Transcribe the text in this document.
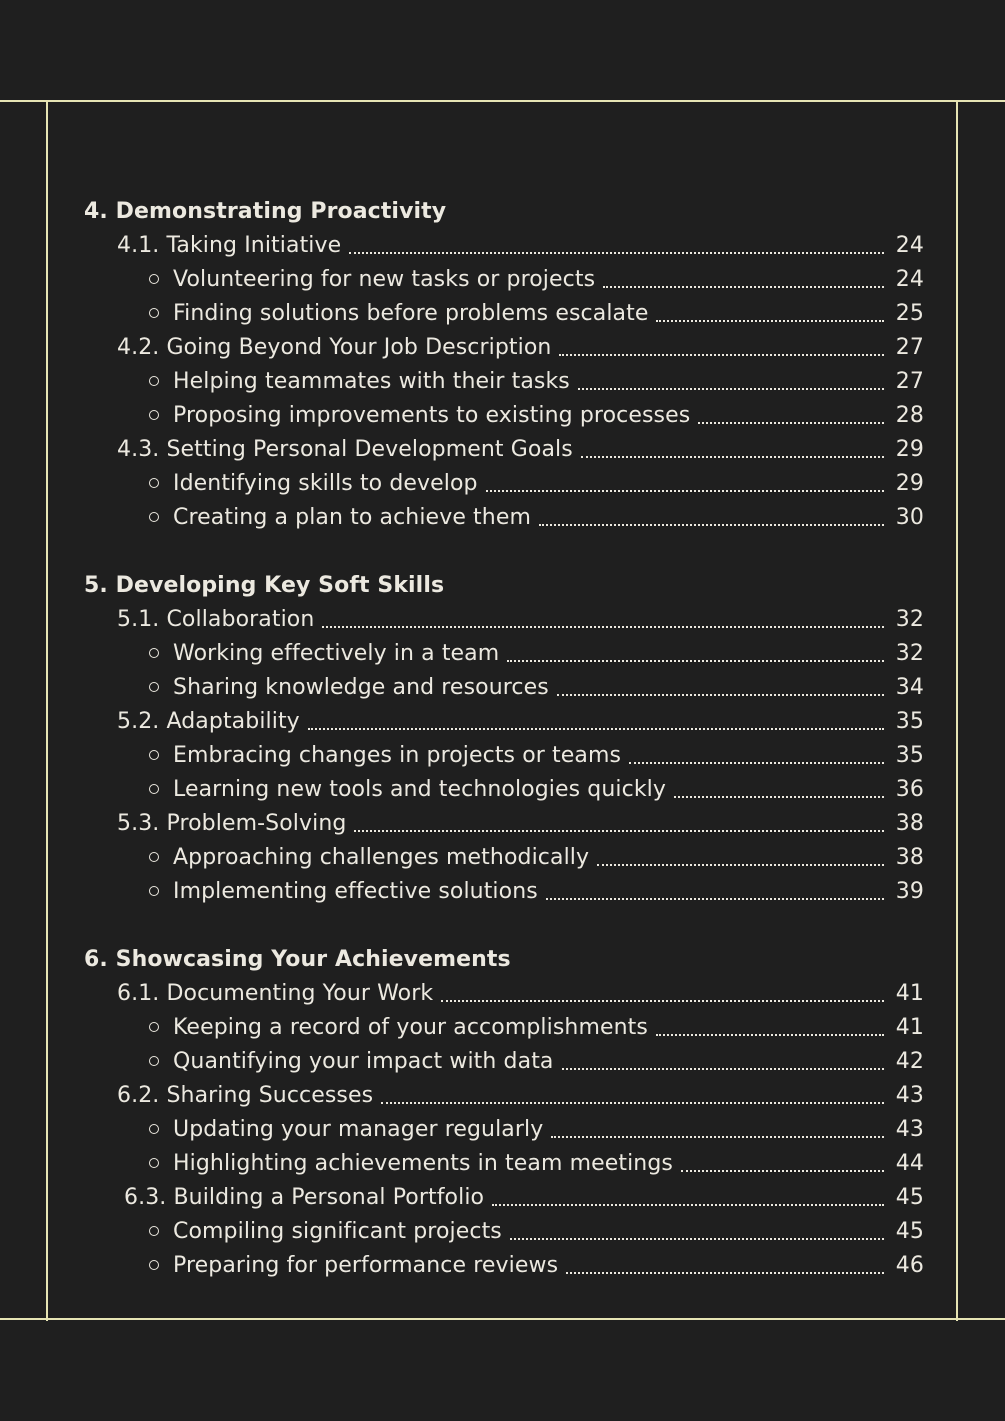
4. Demonstrating Proactivity
4.1. Taking Initiative	24
Volunteering for new tasks or projects	24
Finding solutions before problems escalate	25
4.2. Going Beyond Your Job Description	27
Helping teammates with their tasks	27
Proposing improvements to existing processes	28
4.3. Setting Personal Development Goals	29
Identifying skills to develop	29
Creating a plan to achieve them	30
5. Developing Key Soft Skills
5.1. Collaboration	32
Working effectively in a team	32
Sharing knowledge and resources	34
5.2. Adaptability	35
Embracing changes in projects or teams	35
Learning new tools and technologies quickly	36
5.3. Problem-Solving	38
Approaching challenges methodically	38
Implementing effective solutions	39
6. Showcasing Your Achievements
6.1. Documenting Your Work	41
Keeping a record of your accomplishments	41
Quantifying your impact with data	42
6.2. Sharing Successes	43
Updating your manager regularly	43
Highlighting achievements in team meetings	44
6.3. Building a Personal Portfolio	45
Compiling significant projects	45
Preparing for performance reviews	46
